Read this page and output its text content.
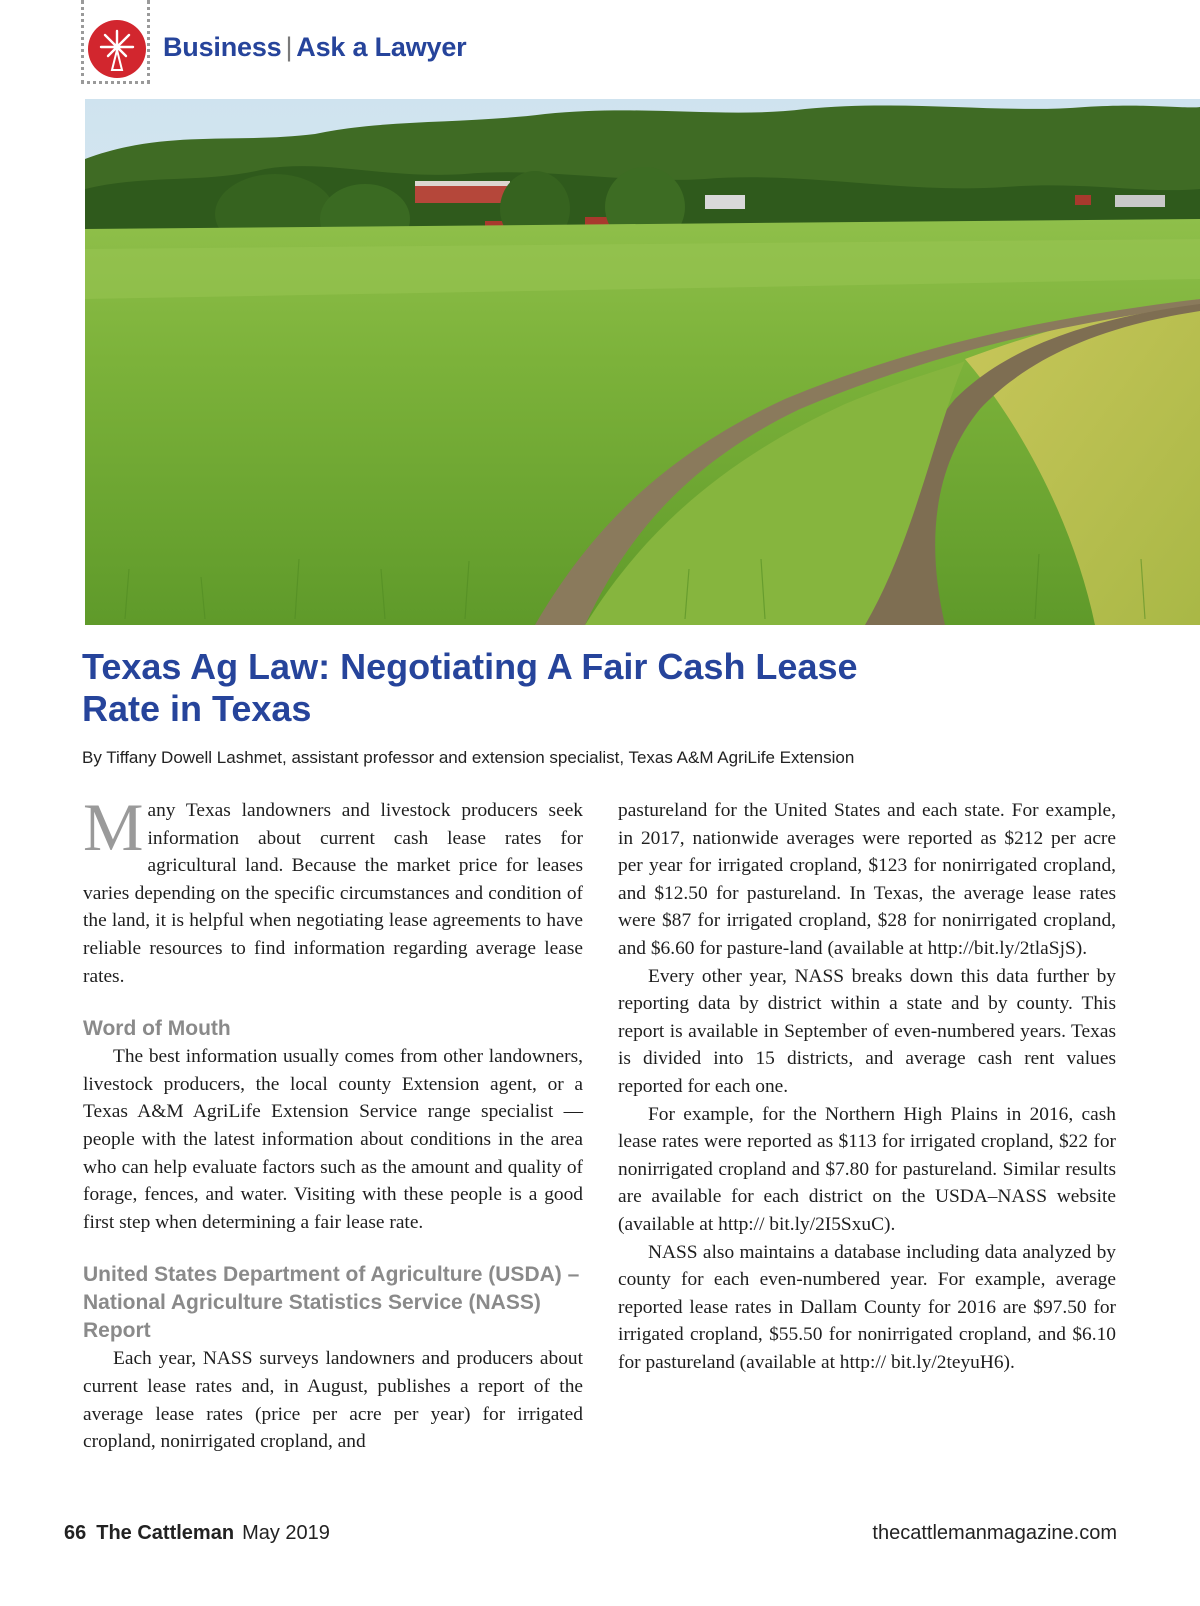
Business | Ask a Lawyer
Texas Ag Law: Negotiating A Fair Cash Lease
Rate in Texas
By Tiffany Dowell Lashmet, assistant professor and extension specialist, Texas A&M AgriLife Extension

Many Texas landowners and livestock producers seek information about current cash lease rates for agricultural land. Because the market price for leases varies depending on the specific circumstances and condition of the land, it is helpful when negotiating lease agreements to have reliable resources to find information regarding average lease rates.

Word of Mouth

The best information usually comes from other landowners, livestock producers, the local county Extension agent, or a Texas A&M AgriLife Extension Service range specialist — people with the latest information about conditions in the area who can help evaluate factors such as the amount and quality of forage, fences, and water. Visiting with these people is a good first step when determining a fair lease rate.

United States Department of Agriculture (USDA) – National Agriculture Statistics Service (NASS) Report

Each year, NASS surveys landowners and producers about current lease rates and, in August, publishes a report of the average lease rates (price per acre per year) for irrigated cropland, nonirrigated cropland, and

pastureland for the United States and each state. For example, in 2017, nationwide averages were reported as $212 per acre per year for irrigated cropland, $123 for nonirrigated cropland, and $12.50 for pastureland. In Texas, the average lease rates were $87 for irrigated cropland, $28 for nonirrigated cropland, and $6.60 for pasture-land (available at http://bit.ly/2tlaSjS).

Every other year, NASS breaks down this data further by reporting data by district within a state and by county. This report is available in September of even-numbered years. Texas is divided into 15 districts, and average cash rent values reported for each one.

For example, for the Northern High Plains in 2016, cash lease rates were reported as $113 for irrigated cropland, $22 for nonirrigated cropland and $7.80 for pastureland. Similar results are available for each district on the USDA–NASS website (available at http:// bit.ly/2I5SxuC).

NASS also maintains a database including data analyzed by county for each even-numbered year. For example, average reported lease rates in Dallam County for 2016 are $97.50 for irrigated cropland, $55.50 for nonirrigated cropland, and $6.10 for pastureland (available at http:// bit.ly/2teyuH6).

66 The Cattleman May 2019	thecattlemanmagazine.com
